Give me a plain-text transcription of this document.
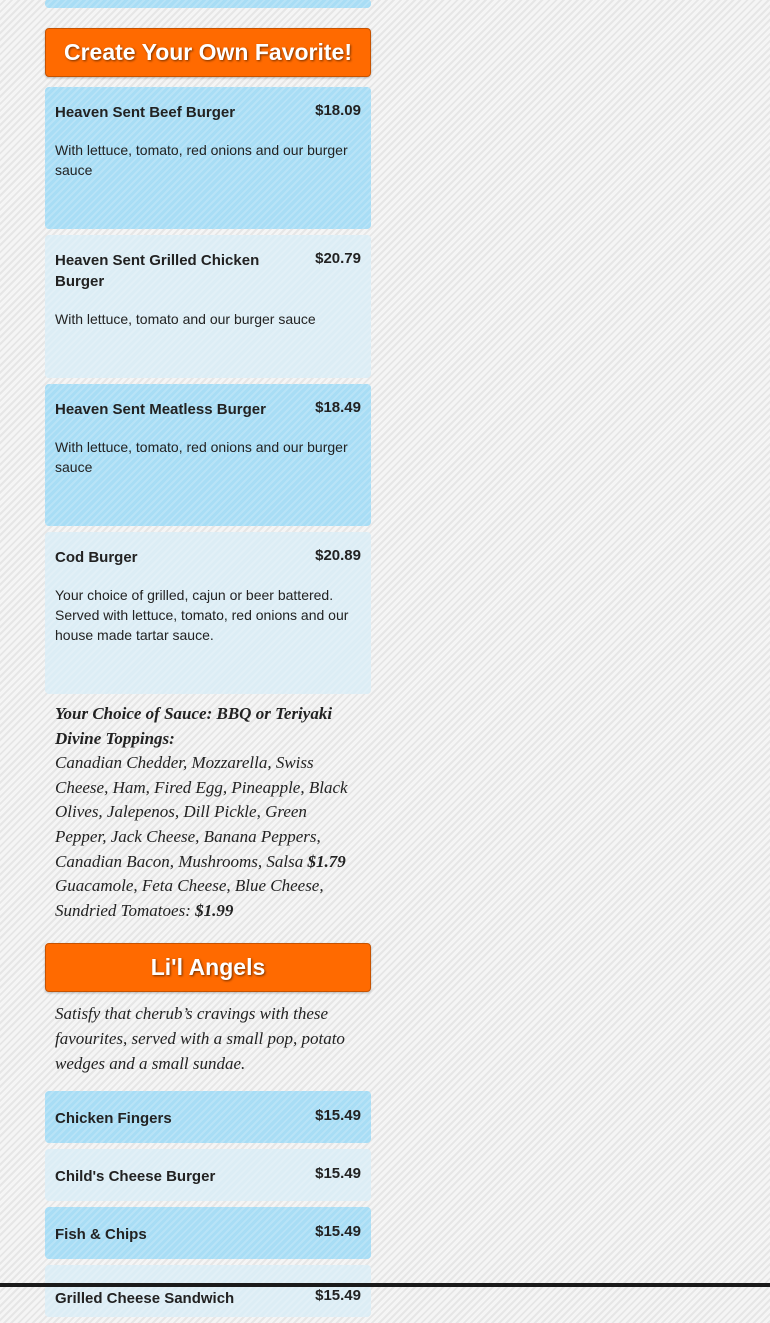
Create Your Own Favorite!
Heaven Sent Beef Burger	$18.09
With lettuce, tomato, red onions and our burger sauce
Heaven Sent Grilled Chicken Burger
$20.79
With lettuce, tomato and our burger sauce
Heaven Sent Meatless Burger	$18.49
With lettuce, tomato, red onions and our burger sauce
Cod Burger	$20.89
Your choice of grilled, cajun or beer battered. Served with lettuce, tomato, red onions and our house made tartar sauce.
Your Choice of Sauce: BBQ or Teriyaki
Divine Toppings:
Canadian Chedder, Mozzarella, Swiss Cheese, Ham, Fired Egg, Pineapple, Black Olives, Jalepenos, Dill Pickle, Green Pepper, Jack Cheese, Banana Peppers, Canadian Bacon, Mushrooms, Salsa $1.79 Guacamole, Feta Cheese, Blue Cheese, Sundried Tomatoes: $1.99
Li'l Angels
Satisfy that cherub’s cravings with these favourites, served with a small pop, potato wedges and a small sundae.
Chicken Fingers	$15.49
Child's Cheese Burger	$15.49
Fish & Chips	$15.49
Grilled Cheese Sandwich	$15.49
